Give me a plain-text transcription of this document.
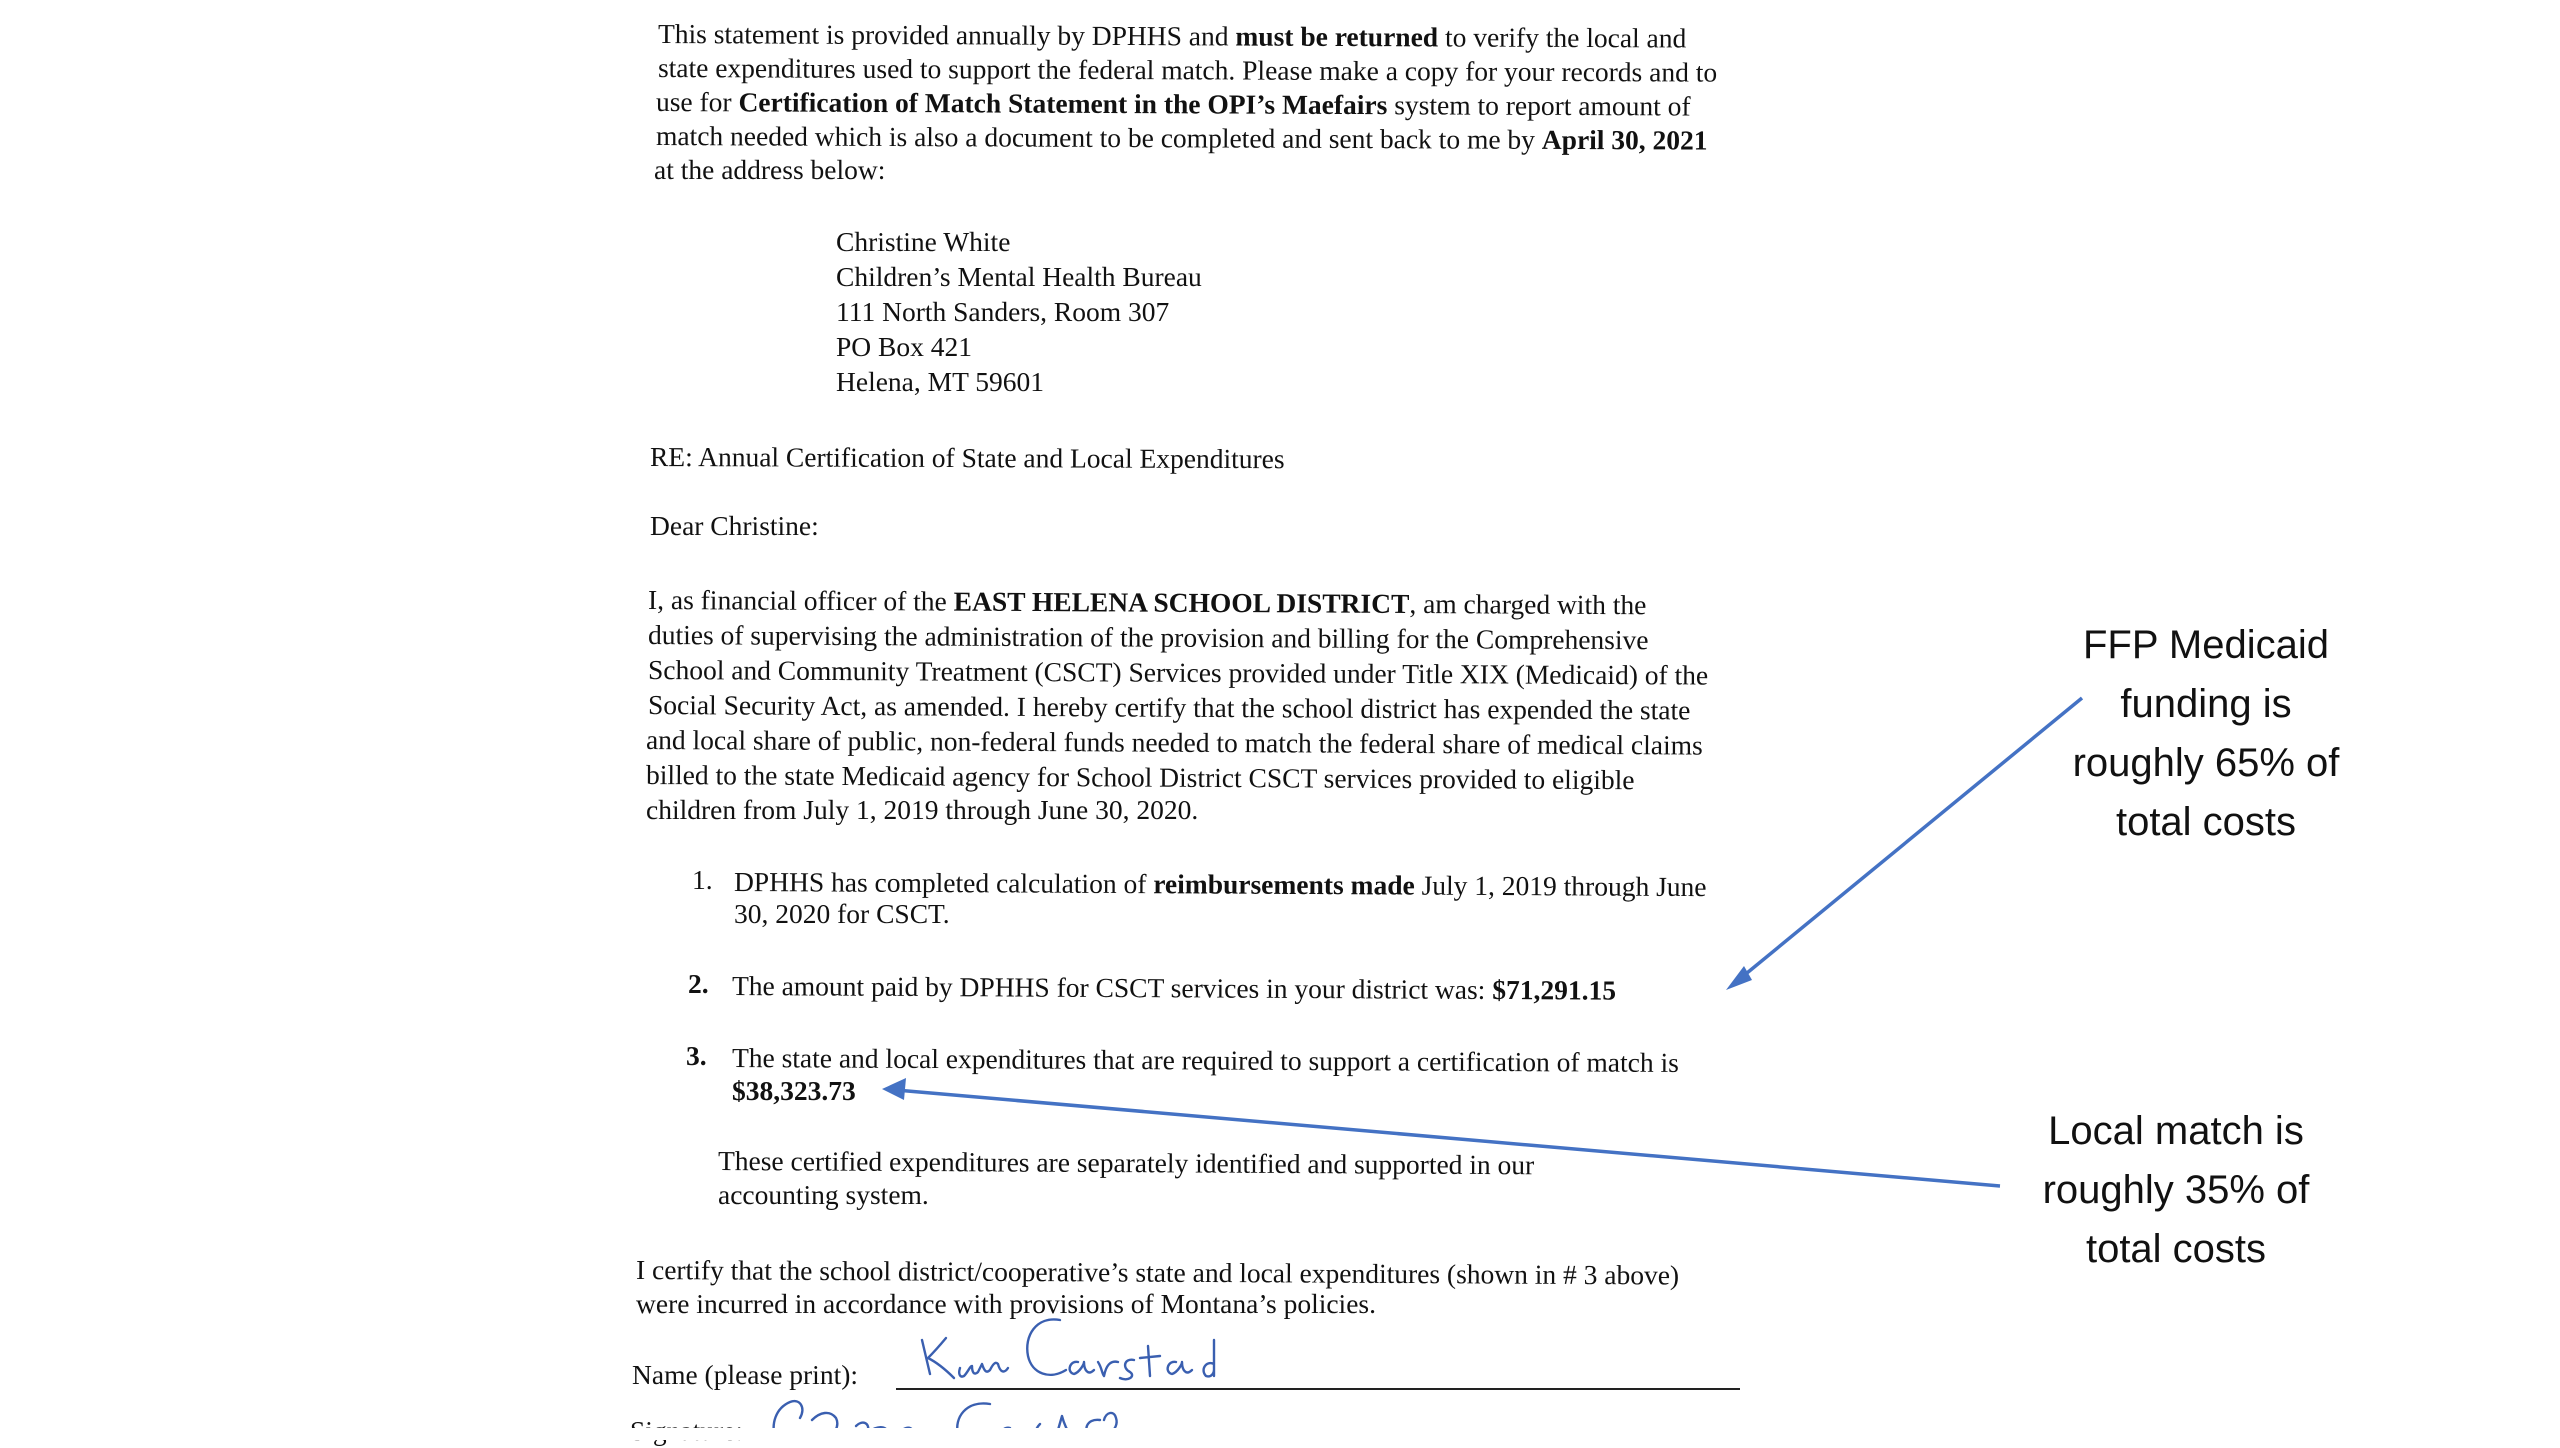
This statement is provided annually by DPHHS and must be returned to verify the local and

state expenditures used to support the federal match. Please make a copy for your records and to

use for Certification of Match Statement in the OPI’s Maefairs system to report amount of

match needed which is also a document to be completed and sent back to me by April 30, 2021

at the address below:

Christine White

Children’s Mental Health Bureau

111 North Sanders, Room 307

PO Box 421

Helena, MT 59601

RE: Annual Certification of State and Local Expenditures

Dear Christine:

I, as financial officer of the EAST HELENA SCHOOL DISTRICT, am charged with the

duties of supervising the administration of the provision and billing for the Comprehensive

School and Community Treatment (CSCT) Services provided under Title XIX (Medicaid) of the

Social Security Act, as amended. I hereby certify that the school district has expended the state

and local share of public, non-federal funds needed to match the federal share of medical claims

billed to the state Medicaid agency for School District CSCT services provided to eligible

children from July 1, 2019 through June 30, 2020.

1. DPHHS has completed calculation of reimbursements made July 1, 2019 through June

30, 2020 for CSCT.

2. The amount paid by DPHHS for CSCT services in your district was: $71,291.15

3. The state and local expenditures that are required to support a certification of match is

$38,323.73

These certified expenditures are separately identified and supported in our

accounting system.

I certify that the school district/cooperative’s state and local expenditures (shown in # 3 above)

were incurred in accordance with provisions of Montana’s policies.

Name (please print):

FFP Medicaid
funding is
roughly 65% of
total costs
Local match is
roughly 35% of
total costs
